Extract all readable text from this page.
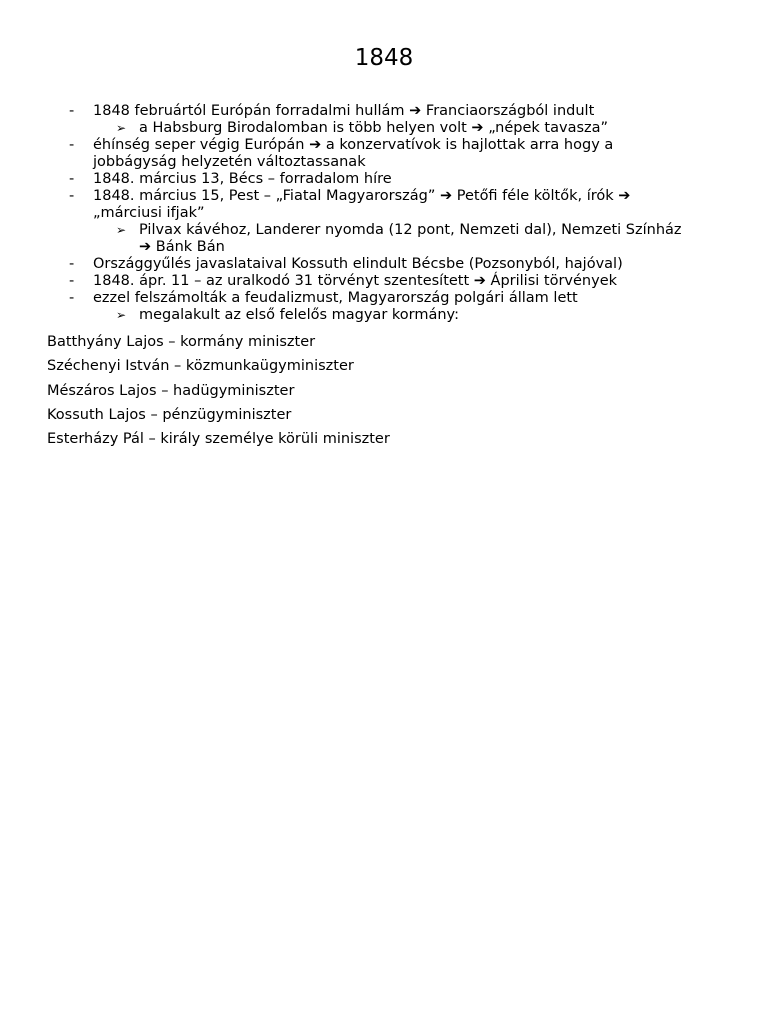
1848
-	1848 februártól Európán forradalmi hullám ➔ Franciaországból indult
➢ a Habsburg Birodalomban is több helyen volt ➔ „népek tavasza”
-	éhínség seper végig Európán ➔ a konzervatívok is hajlottak arra hogy a
jobbágyság helyzetén változtassanak
-	1848. március 13, Bécs – forradalom híre
-	1848. március 15, Pest – „Fiatal Magyarország” ➔ Petőfi féle költők, írók ➔
„márciusi ifjak”
➢ Pilvax kávéhoz, Landerer nyomda (12 pont, Nemzeti dal), Nemzeti Színház
➔ Bánk Bán
-	Országgyűlés javaslataival Kossuth elindult Bécsbe (Pozsonyból, hajóval)
-	1848. ápr. 11 – az uralkodó 31 törvényt szentesített ➔ Áprilisi törvények
-	ezzel felszámolták a feudalizmust, Magyarország polgári állam lett
➢ megalakult az első felelős magyar kormány:
Batthyány Lajos – kormány miniszter
Széchenyi István – közmunkaügyminiszter
Mészáros Lajos – hadügyminiszter
Kossuth Lajos – pénzügyminiszter
Esterházy Pál – király személye körüli miniszter
